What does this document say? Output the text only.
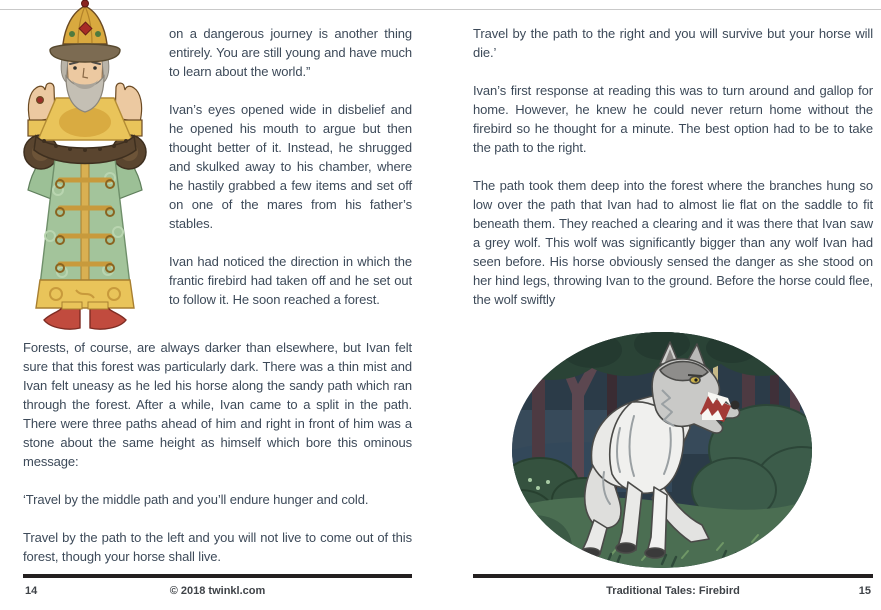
on a dangerous journey is another thing entirely. You are still young and have much to learn about the world.”

Ivan’s eyes opened wide in disbelief and he opened his mouth to argue but then thought better of it. Instead, he shrugged and skulked away to his chamber, where he hastily grabbed a few items and set off on one of the mares from his father’s stables.

Ivan had noticed the direction in which the frantic firebird had taken off and he set out to follow it. He soon reached a forest.

Forests, of course, are always darker than elsewhere, but Ivan felt sure that this forest was particularly dark. There was a thin mist and Ivan felt uneasy as he led his horse along the sandy path which ran through the forest. After a while, Ivan came to a split in the path. There were three paths ahead of him and right in front of him was a stone about the same height as himself which bore this ominous message:

‘Travel by the middle path and you’ll endure hunger and cold.

Travel by the path to the left and you will not live to come out of this forest, though your horse shall live.

14	© 2018 twinkl.com

Travel by the path to the right and you will survive but your horse will die.’

Ivan’s first response at reading this was to turn around and gallop for home. However, he knew he could never return home without the firebird so he thought for a minute. The best option had to be to take the path to the right.

The path took them deep into the forest where the branches hung so low over the path that Ivan had to almost lie flat on the saddle to fit beneath them. They reached a clearing and it was there that Ivan saw a grey wolf. This wolf was significantly bigger than any wolf Ivan had seen before. His horse obviously sensed the danger as she stood on her hind legs, throwing Ivan to the ground. Before the horse could flee, the wolf swiftly

Traditional Tales: Firebird	15
